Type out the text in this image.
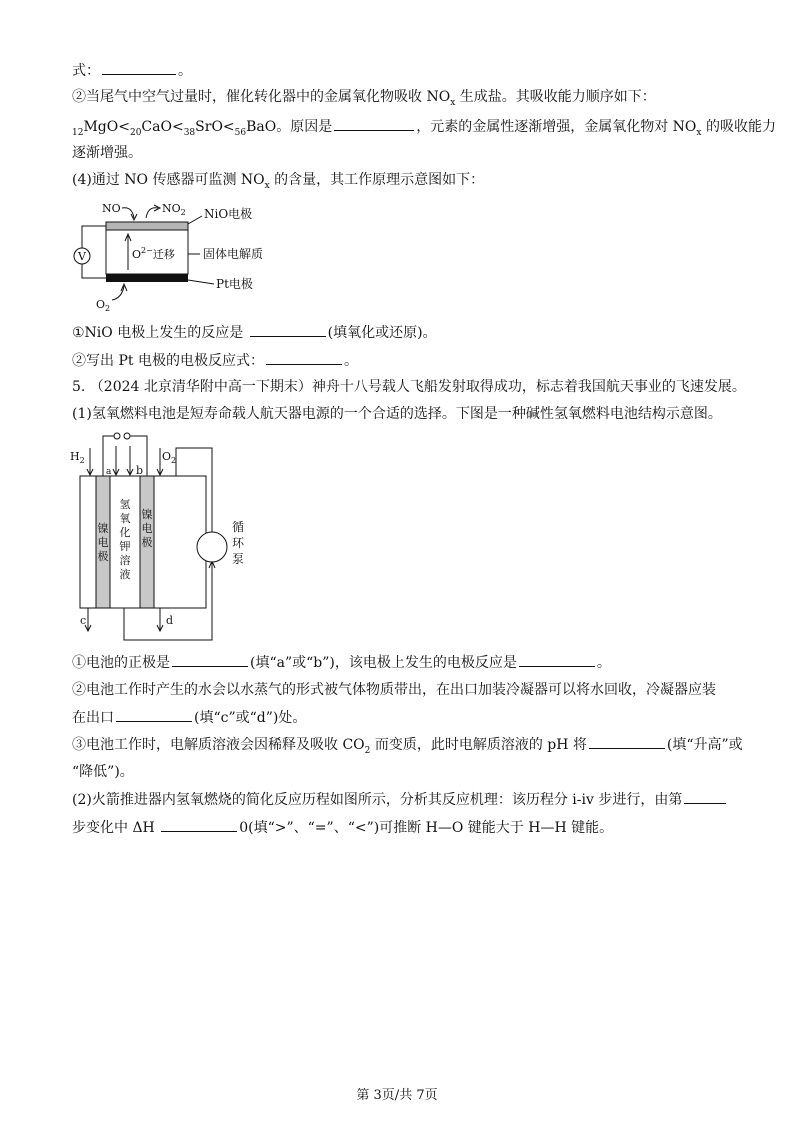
式：	。
②当尾气中空气过量时，催化转化器中的金属氧化物吸收 $NO_x$ 生成盐。其吸收能力顺序如下：
$_{12}MgO<_{20}CaO<_{38}SrO<_{56}BaO$。原因是	，元素的金属性逐渐增强，金属氧化物对 $NO_x$ 的吸收能力
逐渐增强。
(4)通过 NO 传感器可监测 $NO_x$ 的含量，其工作原理示意图如下：
V
NO	$NO_2$ NiO电极
$O^{2-}$迁移 固体电解质
Pt电极
$O_2$
①NiO 电极上发生的反应是	(填氧化或还原)。
②写出 Pt 电极的电极反应式：	。
5. （2024 北京清华附中高一下期末）神舟十八号载人飞船发射取得成功，标志着我国航天事业的飞速发展。
(1)氢氧燃料电池是短寿命载人航天器电源的一个合适的选择。下图是一种碱性氢氧燃料电池结构示意图。
$H_2$
a
$O_2$
b
c	d
循
环
泵
镍
电
极
镍
电
极
氢
氧
化
钾
溶
液
①电池的正极是	(填“a”或“b”)，该电极上发生的电极反应是	。
②电池工作时产生的水会以水蒸气的形式被气体物质带出，在出口加装冷凝器可以将水回收，冷凝器应装
在出口	(填“c”或“d”)处。
③电池工作时，电解质溶液会因稀释及吸收 $CO_2$ 而变质，此时电解质溶液的 pH 将	(填“升高”或
“降低”)。
(2)火箭推进器内氢氧燃烧的简化反应历程如图所示，分析其反应机理：该历程分 i-iv 步进行，由第
步变化中 ΔH	0(填“>”、“=”、“<”)可推断 H—O 键能大于 H—H 键能。
第 3页/共 7页
